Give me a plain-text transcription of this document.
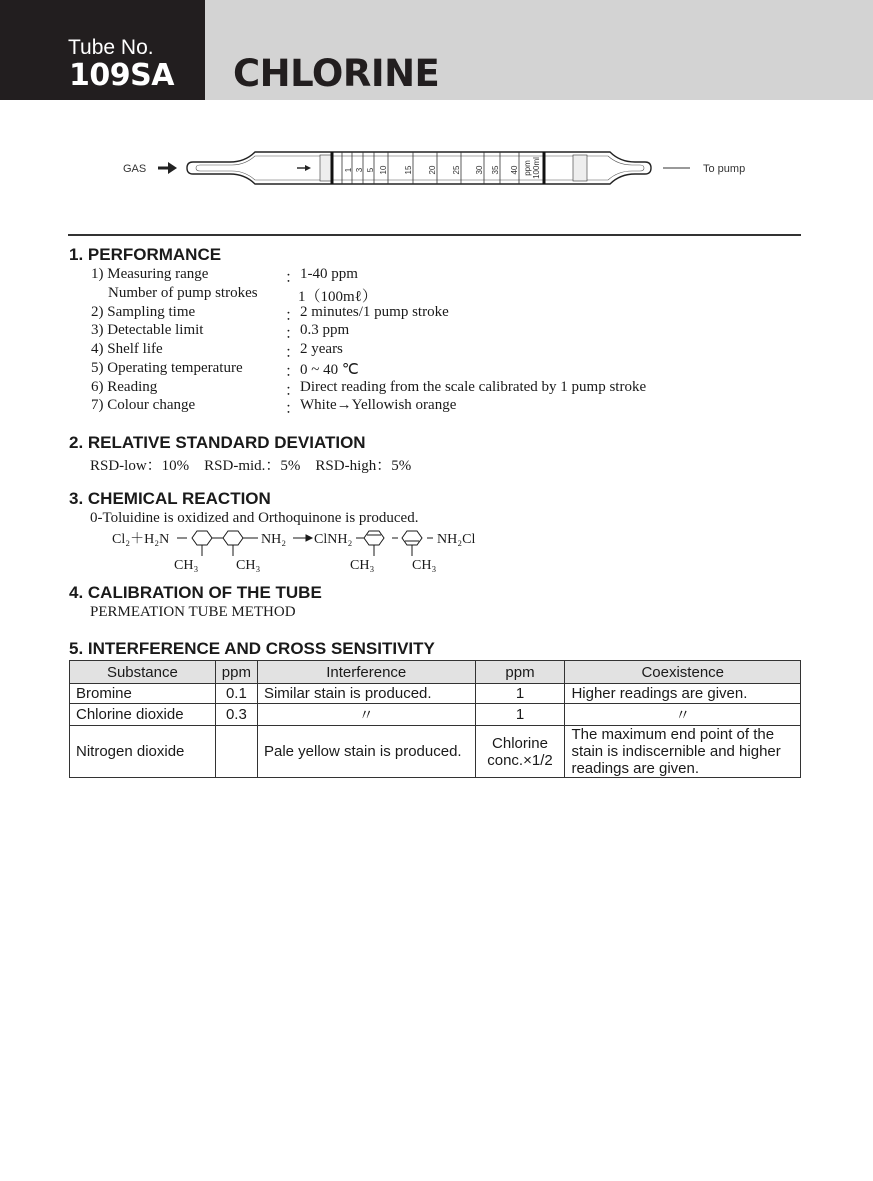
Tube No.
109SA CHLORINE
GAS	1 3 5 10 15 20 25 30 35 40 ppm 100ml	To pump
1. PERFORMANCE
1) Measuring range	： 1-40 ppm
Number of pump strokes	1（100mℓ）
2) Sampling time	： 2 minutes/1 pump stroke
3) Detectable limit	： 0.3 ppm
4) Shelf life	： 2 years
5) Operating temperature	： 0 ~ 40 ℃
6) Reading	： Direct reading from the scale calibrated by 1 pump stroke
7) Colour change	： White→Yellowish orange
2. RELATIVE STANDARD DEVIATION
RSD-low：10%　RSD-mid.：5%　RSD-high：5%
3. CHEMICAL REACTION
0-Toluidine is oxidized and Orthoquinone is produced.
Cl₂＋H₂N	NH₂ ClNH₂	NH₂Cl
CH₃	CH₃	CH₃	CH₃
4. CALIBRATION OF THE TUBE
PERMEATION TUBE METHOD
5. INTERFERENCE AND CROSS SENSITIVITY
Substance	ppm	Interference	ppm	Coexistence
Bromine	0.1	Similar stain is produced.	1	Higher readings are given.
Chlorine dioxide	0.3	〃	1	〃
Nitrogen dioxide		Pale yellow stain is produced.	Chlorine conc.×1/2	The maximum end point of the stain is indiscernible and higher readings are given.
